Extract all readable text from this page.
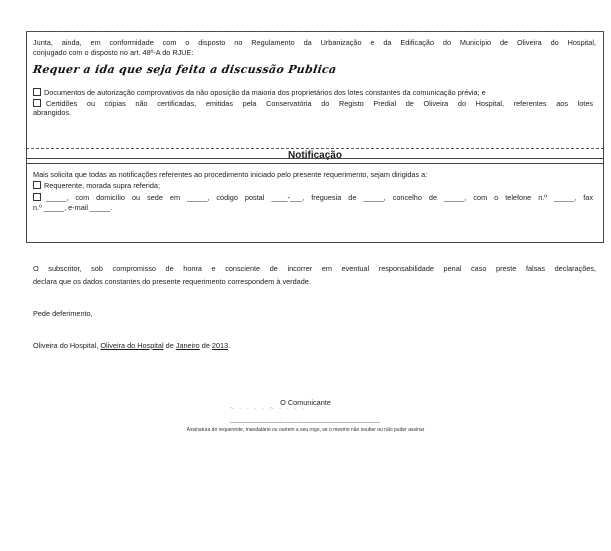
Junta, ainda, em conformidade com o disposto no Regulamento da Urbanização e da Edificação do Município de Oliveira do Hospital,
conjugado com o disposto no art. 48º-A do RJUE:
Requer a ida que seja feita a discussão Publica
Documentos de autorização comprovativos da não oposição da maioria dos proprietários dos lotes constantes da comunicação prévia; e
Certidões ou cópias não certificadas, emitidas pela Conservatória do Registo Predial de Oliveira do Hospital, referentes aos lotes
abrangidos.
Notificação
Mais solicita que todas as notificações referentes ao procedimento iniciado pelo presente requerimento, sejam dirigidas a:
Requerente, morada supra referida;
_____, com domicílio ou sede em _____, código postal ____-___, freguesia de _____, concelho de _____, com o telefone n.º _____, fax
n.º _____, e-mail _____.
O subscritor, sob compromisso de honra e consciente de incorrer em eventual responsabilidade penal caso preste falsas declarações,
declara que os dados constantes do presente requerimento correspondem à verdade.
Pede deferimento,
Oliveira do Hospital, Oliveira do Hospital de Janeiro de 2013.
O Comunicante
~ · · · · ~ · · · ·
· · · ·
Assinatura do requerente, mandatário ou outrem a seu rogo, se o mesmo não souber ou não puder assinar
